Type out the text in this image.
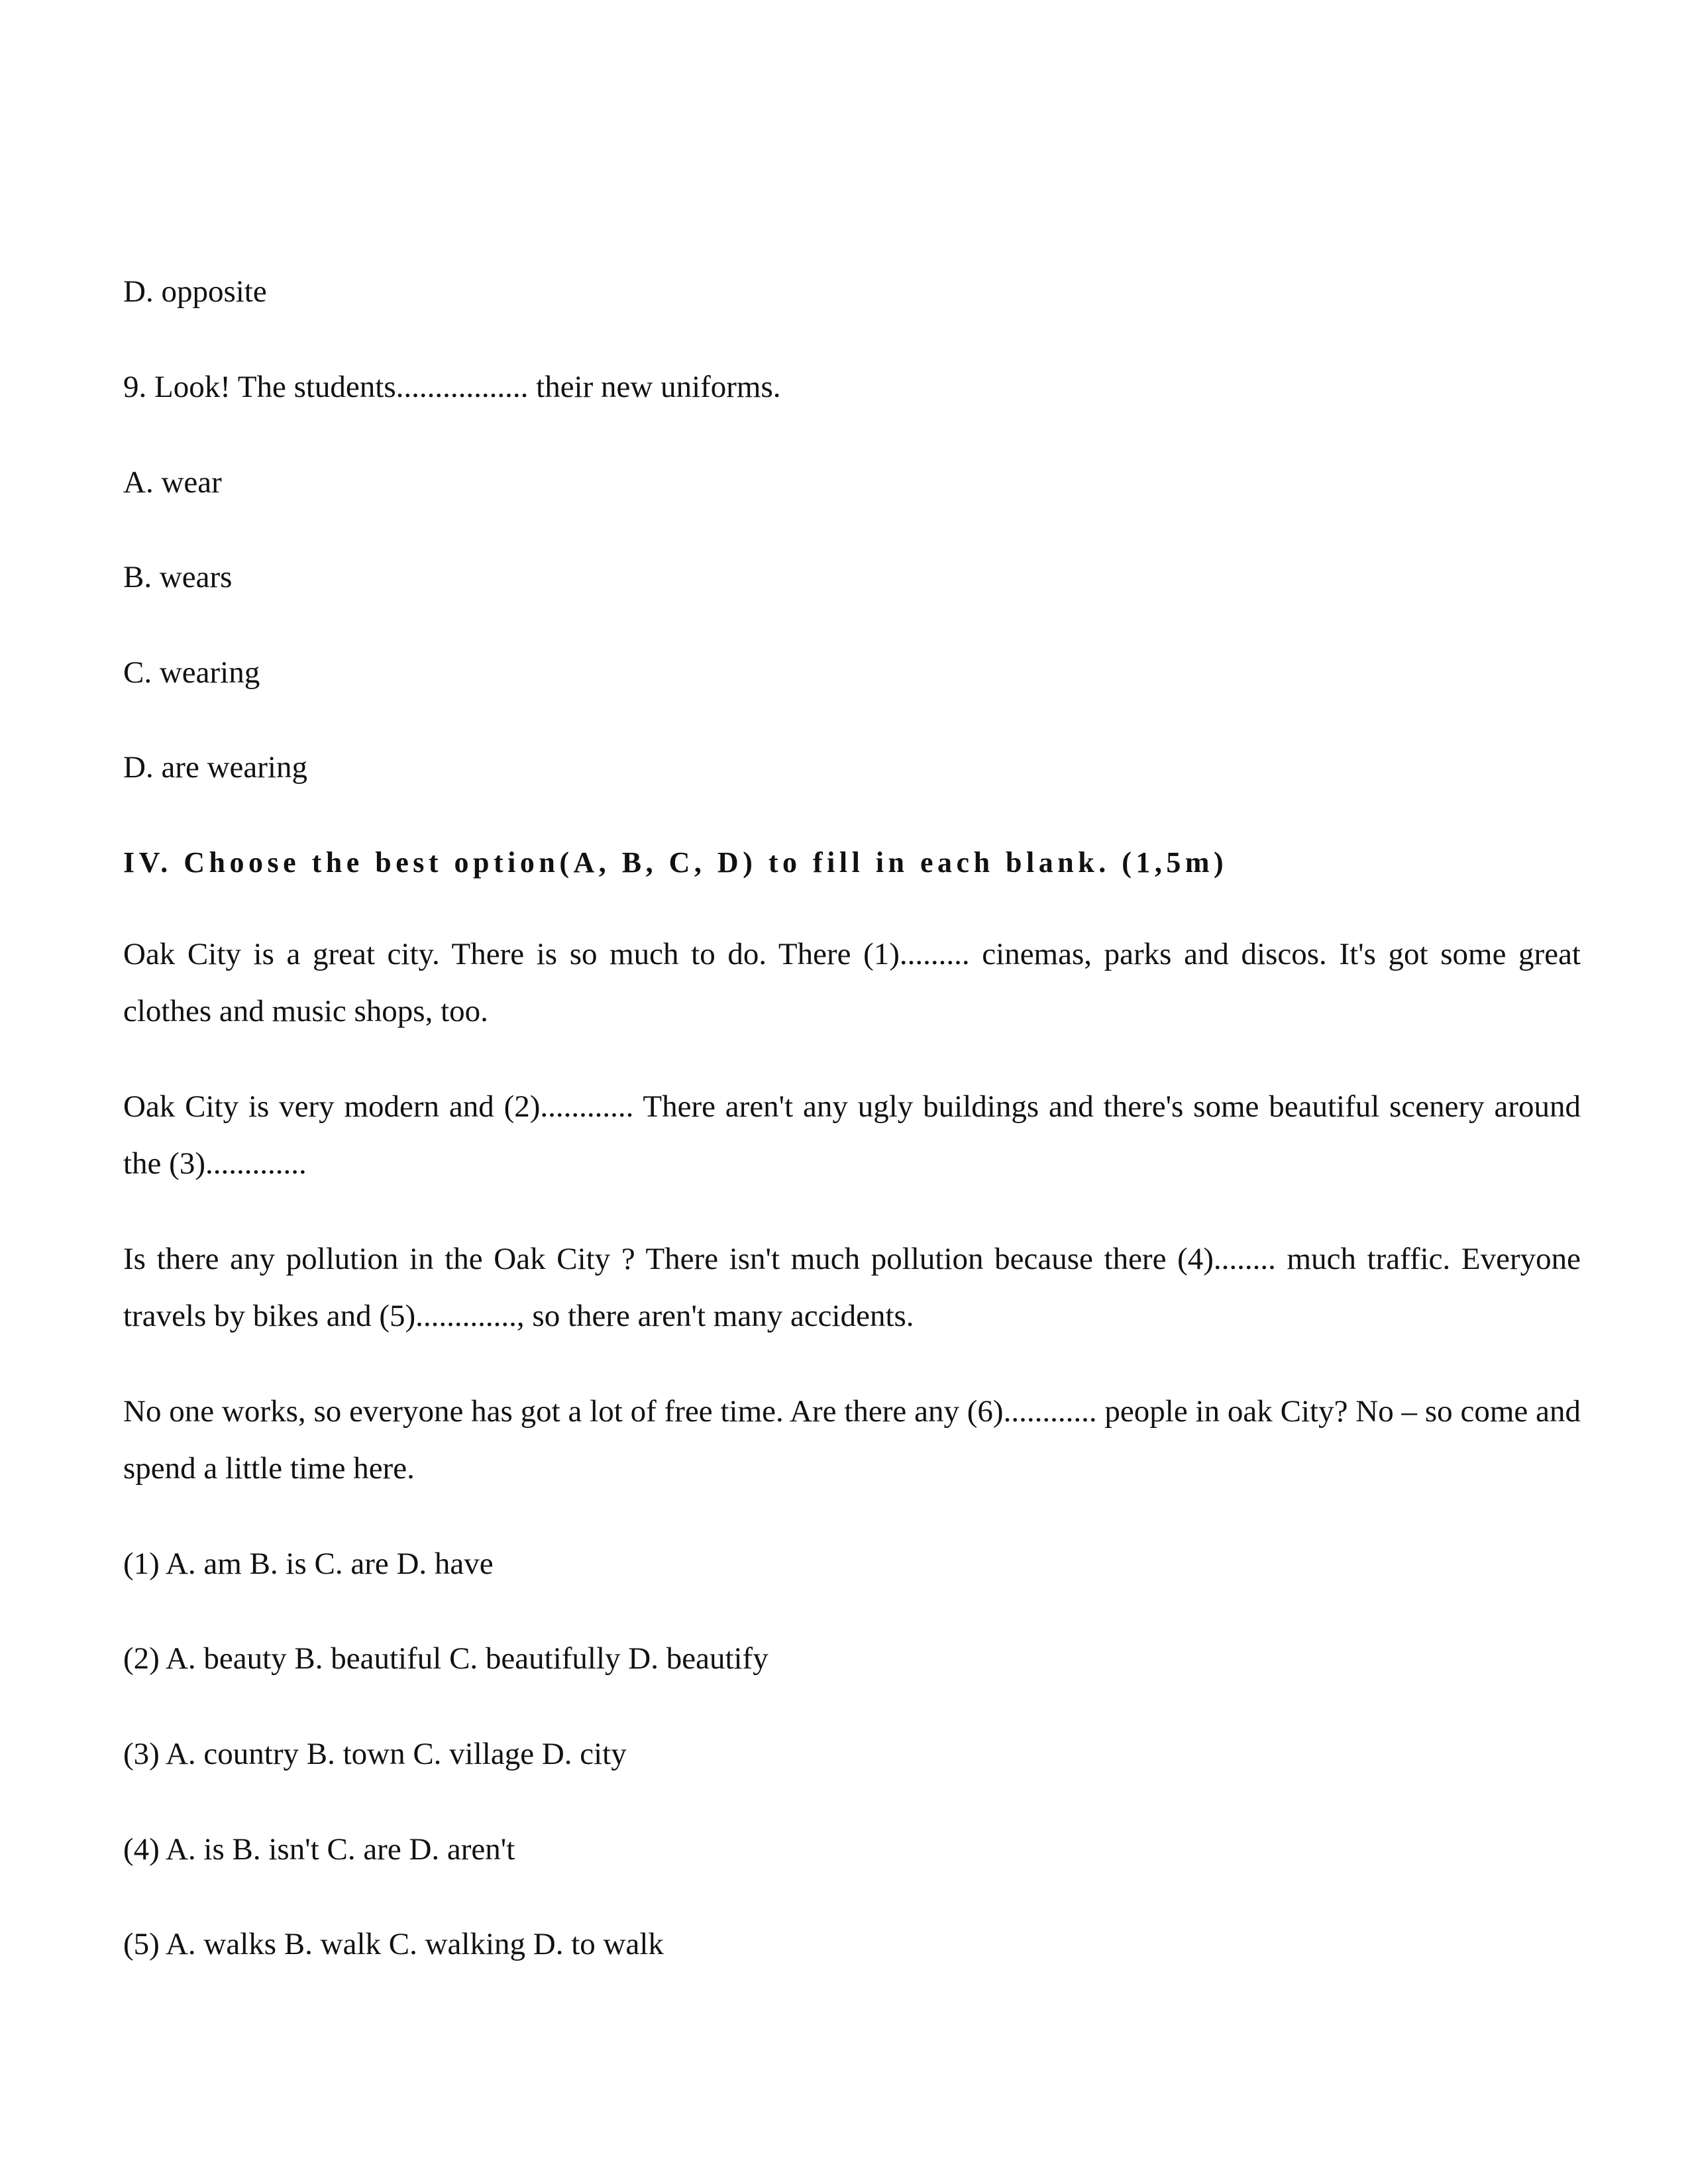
D. opposite

9. Look! The students................. their new uniforms.

A. wear

B. wears

C. wearing

D. are wearing

IV. Choose the best option(A, B, C, D) to fill in each blank. (1,5m)

Oak City is a great city. There is so much to do. There (1)......... cinemas, parks and discos. It's got some great clothes and music shops, too.

Oak City is very modern and (2)............ There aren't any ugly buildings and there's some beautiful scenery around the (3).............

Is there any pollution in the Oak City ? There isn't much pollution because there (4)........ much traffic. Everyone travels by bikes and (5)............., so there aren't many accidents.

No one works, so everyone has got a lot of free time. Are there any (6)............ people in oak City? No – so come and spend a little time here.

(1) A. am B. is C. are D. have

(2) A. beauty B. beautiful C. beautifully D. beautify

(3) A. country B. town C. village D. city

(4) A. is B. isn't C. are D. aren't

(5) A. walks B. walk C. walking D. to walk
